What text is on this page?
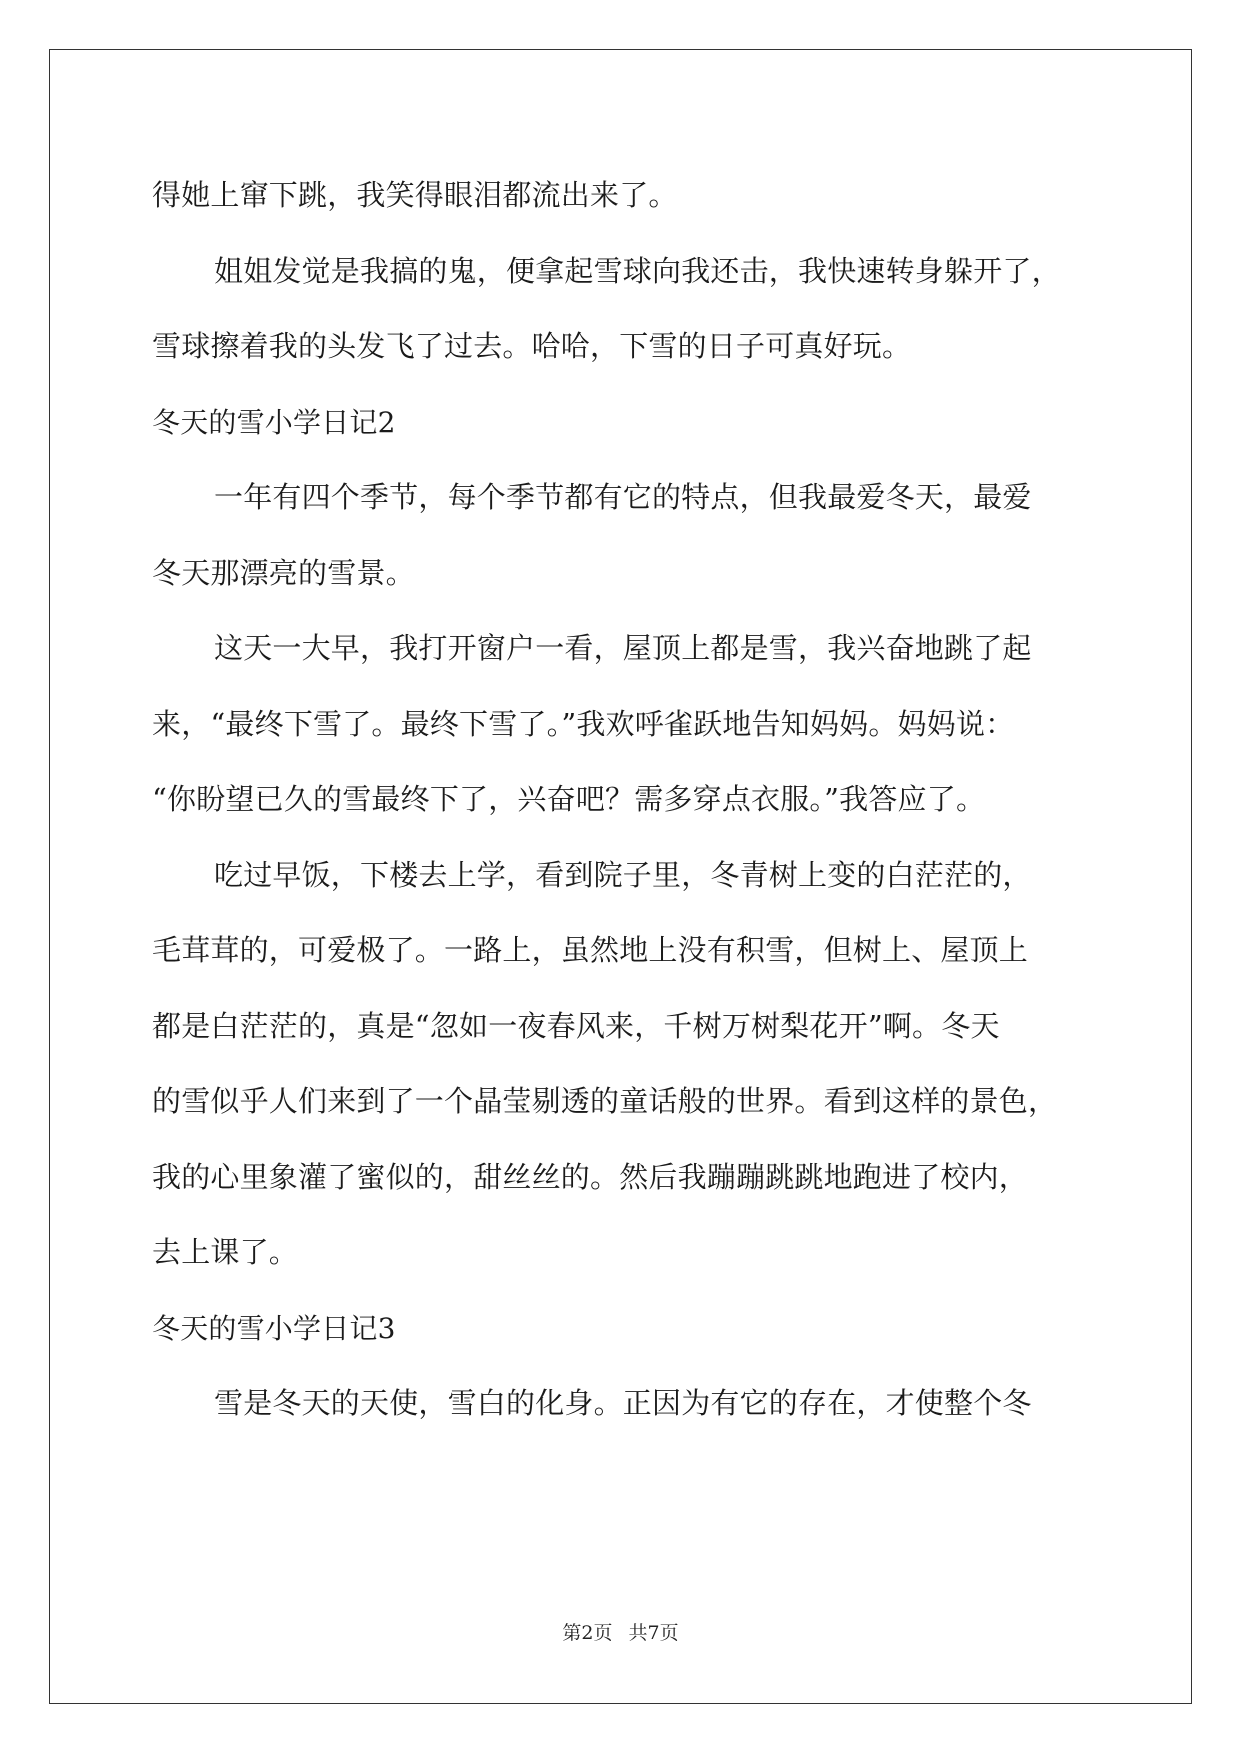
得她上窜下跳，我笑得眼泪都流出来了。
姐姐发觉是我搞的鬼，便拿起雪球向我还击，我快速转身躲开了，
雪球擦着我的头发飞了过去。哈哈，下雪的日子可真好玩。
冬天的雪小学日记2
一年有四个季节，每个季节都有它的特点，但我最爱冬天，最爱
冬天那漂亮的雪景。
这天一大早，我打开窗户一看，屋顶上都是雪，我兴奋地跳了起
来，“最终下雪了。最终下雪了。”我欢呼雀跃地告知妈妈。妈妈说：
“你盼望已久的雪最终下了，兴奋吧？需多穿点衣服。”我答应了。
吃过早饭，下楼去上学，看到院子里，冬青树上变的白茫茫的，
毛茸茸的，可爱极了。一路上，虽然地上没有积雪，但树上、屋顶上
都是白茫茫的，真是“忽如一夜春风来，千树万树梨花开”啊。冬天
的雪似乎人们来到了一个晶莹剔透的童话般的世界。看到这样的景色，
我的心里象灌了蜜似的，甜丝丝的。然后我蹦蹦跳跳地跑进了校内，
去上课了。
冬天的雪小学日记3
雪是冬天的天使，雪白的化身。正因为有它的存在，才使整个冬
第2页 共7页
